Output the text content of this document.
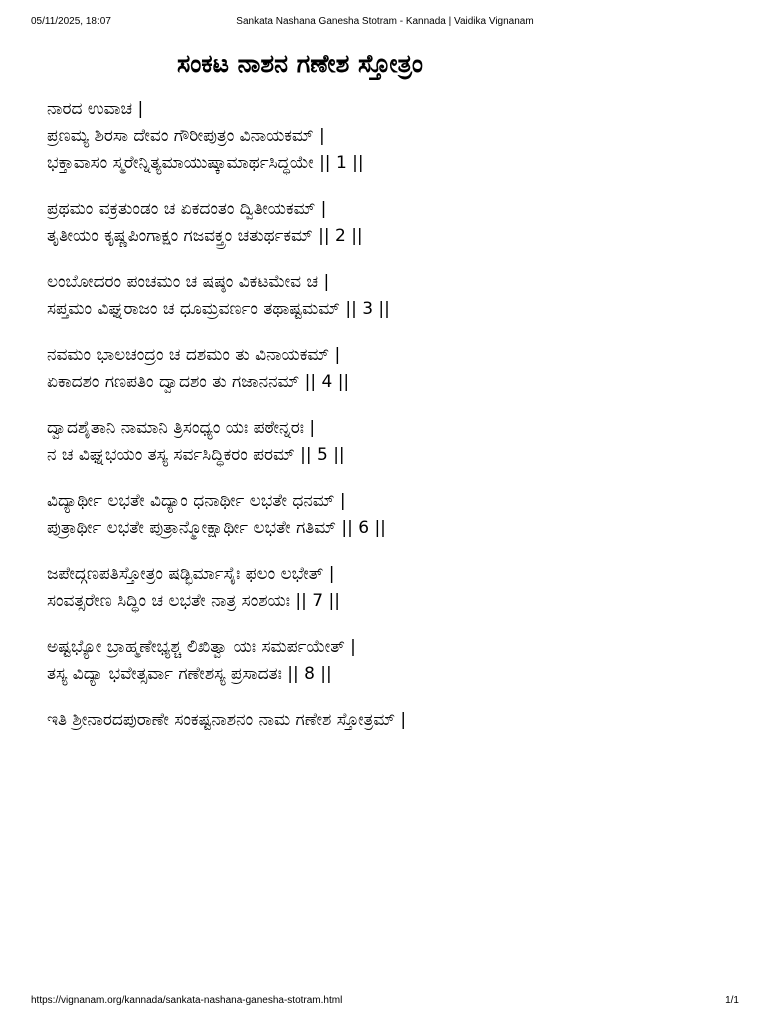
05/11/2025, 18:07	Sankata Nashana Ganesha Stotram - Kannada | Vaidika Vignanam
ಸಂಕಟ ನಾಶನ ಗಣೇಶ ಸ್ತೋತ್ರಂ
ನಾರದ ಉವಾಚ |
ಪ್ರಣಮ್ಯ ಶಿರಸಾ ದೇವಂ ಗೌರೀಪುತ್ರಂ ವಿನಾಯಕಮ್ |
ಭಕ್ತಾವಾಸಂ ಸ್ಮರೇನ್ನಿತ್ಯಮಾಯುಷ್ಕಾಮಾರ್ಥಸಿದ್ಧಯೇ || 1 ||
ಪ್ರಥಮಂ ವಕ್ರತುಂಡಂ ಚ ಏಕದಂತಂ ದ್ವಿತೀಯಕಮ್ |
ತೃತೀಯಂ ಕೃಷ್ಣಪಿಂಗಾಕ್ಷಂ ಗಜವಕ್ತ್ರಂ ಚತುರ್ಥಕಮ್ || 2 ||
ಲಂಬೋದರಂ ಪಂಚಮಂ ಚ ಷಷ್ಠಂ ವಿಕಟಮೇವ ಚ |
ಸಪ್ತಮಂ ವಿಘ್ನರಾಜಂ ಚ ಧೂಮ್ರವರ್ಣಂ ತಥಾಷ್ಟಮಮ್ || 3 ||
ನವಮಂ ಭಾಲಚಂದ್ರಂ ಚ ದಶಮಂ ತು ವಿನಾಯಕಮ್ |
ಏಕಾದಶಂ ಗಣಪತಿಂ ದ್ವಾದಶಂ ತು ಗಜಾನನಮ್ || 4 ||
ದ್ವಾದಶೈತಾನಿ ನಾಮಾನಿ ತ್ರಿಸಂಧ್ಯಂ ಯಃ ಪಠೇನ್ನರಃ |
ನ ಚ ವಿಘ್ನಭಯಂ ತಸ್ಯ ಸರ್ವಸಿದ್ಧಿಕರಂ ಪರಮ್ || 5 ||
ವಿದ್ಯಾರ್ಥೀ ಲಭತೇ ವಿದ್ಯಾಂ ಧನಾರ್ಥೀ ಲಭತೇ ಧನಮ್ |
ಪುತ್ರಾರ್ಥೀ ಲಭತೇ ಪುತ್ರಾನ್ಮೋಕ್ಷಾರ್ಥೀ ಲಭತೇ ಗತಿಮ್ || 6 ||
ಜಪೇದ್ಗಣಪತಿಸ್ತೋತ್ರಂ ಷಡ್ಭಿರ್ಮಾಸೈಃ ಫಲಂ ಲಭೇತ್ |
ಸಂವತ್ಸರೇಣ ಸಿದ್ಧಿಂ ಚ ಲಭತೇ ನಾತ್ರ ಸಂಶಯಃ || 7 ||
ಅಷ್ಟಭ್ಯೋ ಬ್ರಾಹ್ಮಣೇಭ್ಯಶ್ಚ ಲಿಖಿತ್ವಾ ಯಃ ಸಮರ್ಪಯೇತ್ |
ತಸ್ಯ ವಿದ್ಯಾ ಭವೇತ್ಸರ್ವಾ ಗಣೇಶಸ್ಯ ಪ್ರಸಾದತಃ || 8 ||
ಇತಿ ಶ್ರೀನಾರದಪುರಾಣೇ ಸಂಕಷ್ಟನಾಶನಂ ನಾಮ ಗಣೇಶ ಸ್ತೋತ್ರಮ್ |
https://vignanam.org/kannada/sankata-nashana-ganesha-stotram.html	1/1
